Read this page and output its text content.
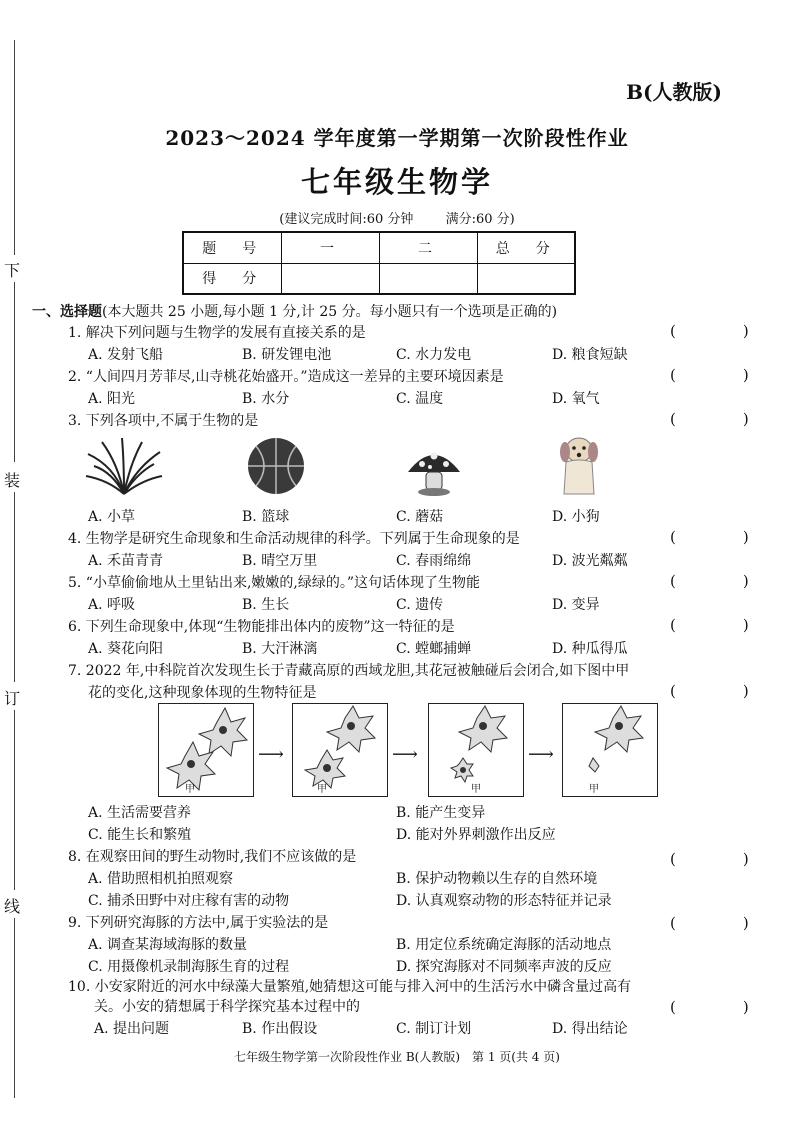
B(人教版)
2023～2024 学年度第一学期第一次阶段性作业
七年级生物学
(建议完成时间:60 分钟 满分:60 分)
题　号	一	二	总　分
得　分			
下
装
订
线
一、选择题(本大题共 25 小题,每小题 1 分,计 25 分。每小题只有一个选项是正确的)
1. 解决下列问题与生物学的发展有直接关系的是	(　)
A. 发射飞船	B. 研发锂电池	C. 水力发电	D. 粮食短缺
2. “人间四月芳菲尽,山寺桃花始盛开。”造成这一差异的主要环境因素是	(　)
A. 阳光	B. 水分	C. 温度	D. 氧气
3. 下列各项中,不属于生物的是	(　)
A. 小草	B. 篮球	C. 蘑菇	D. 小狗
4. 生物学是研究生命现象和生命活动规律的科学。下列属于生命现象的是	(　)
A. 禾苗青青	B. 晴空万里	C. 春雨绵绵	D. 波光粼粼
5. “小草偷偷地从土里钻出来,嫩嫩的,绿绿的。”这句话体现了生物能	(　)
A. 呼吸	B. 生长	C. 遗传	D. 变异
6. 下列生命现象中,体现“生物能排出体内的废物”这一特征的是	(　)
A. 葵花向阳	B. 大汗淋漓	C. 螳螂捕蝉	D. 种瓜得瓜
7. 2022 年,中科院首次发现生长于青藏高原的西域龙胆,其花冠被触碰后会闭合,如下图中甲
花的变化,这种现象体现的生物特征是	(　)
甲
⟶
甲
⟶
甲
⟶
甲
A. 生活需要营养	B. 能产生变异
C. 能生长和繁殖	D. 能对外界刺激作出反应
8. 在观察田间的野生动物时,我们不应该做的是	(　)
A. 借助照相机拍照观察	B. 保护动物赖以生存的自然环境
C. 捕杀田野中对庄稼有害的动物	D. 认真观察动物的形态特征并记录
9. 下列研究海豚的方法中,属于实验法的是	(　)
A. 调查某海域海豚的数量	B. 用定位系统确定海豚的活动地点
C. 用摄像机录制海豚生育的过程	D. 探究海豚对不同频率声波的反应
10. 小安家附近的河水中绿藻大量繁殖,她猜想这可能与排入河中的生活污水中磷含量过高有
关。小安的猜想属于科学探究基本过程中的	(　)
A. 提出问题	B. 作出假设	C. 制订计划	D. 得出结论
七年级生物学第一次阶段性作业 B(人教版)　第 1 页(共 4 页)
